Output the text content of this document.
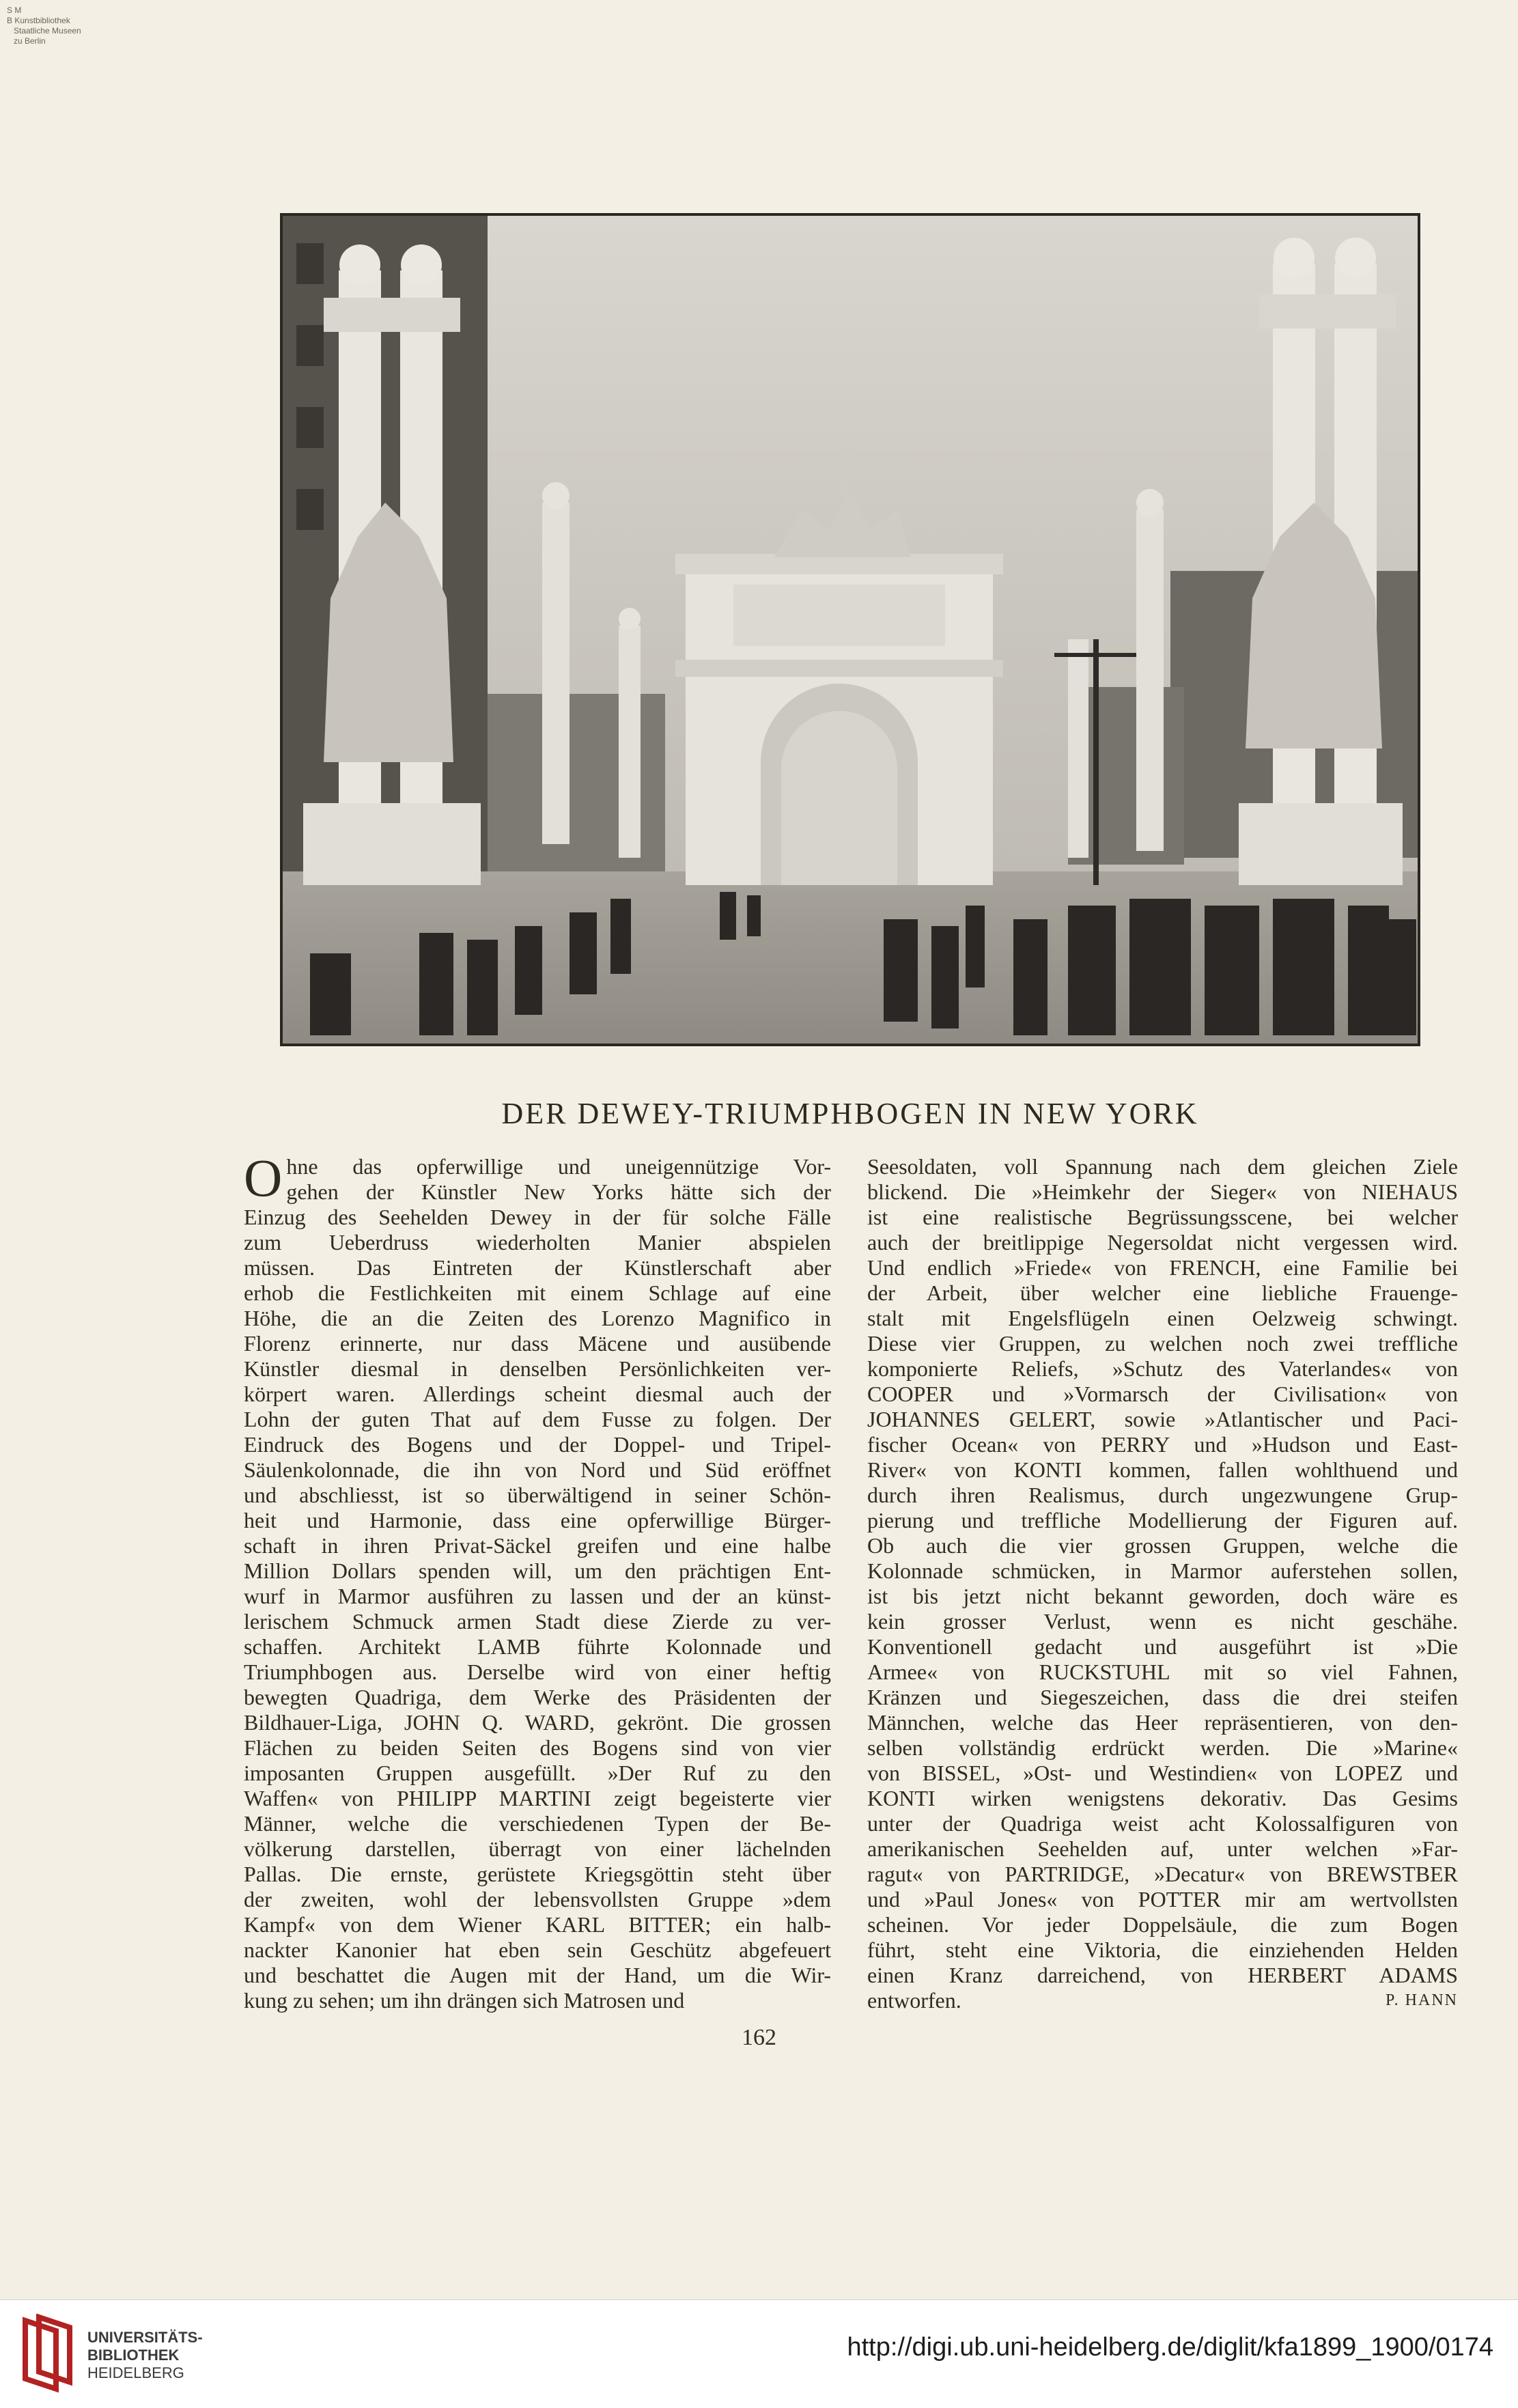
S M
B Kunstbibliothek
Staatliche Museen
zu Berlin
DER DEWEY-TRIUMPHBOGEN IN NEW YORK
O hne das opferwillige und uneigennützige Vor-
gehen der Künstler New Yorks hätte sich der
Einzug des Seehelden Dewey in der für solche Fälle
zum Ueberdruss wiederholten Manier abspielen
müssen. Das Eintreten der Künstlerschaft aber
erhob die Festlichkeiten mit einem Schlage auf eine
Höhe, die an die Zeiten des Lorenzo Magnifico in
Florenz erinnerte, nur dass Mäcene und ausübende
Künstler diesmal in denselben Persönlichkeiten ver-
körpert waren. Allerdings scheint diesmal auch der
Lohn der guten That auf dem Fusse zu folgen. Der
Eindruck des Bogens und der Doppel- und Tripel-
Säulenkolonnade, die ihn von Nord und Süd eröffnet
und abschliesst, ist so überwältigend in seiner Schön-
heit und Harmonie, dass eine opferwillige Bürger-
schaft in ihren Privat-Säckel greifen und eine halbe
Million Dollars spenden will, um den prächtigen Ent-
wurf in Marmor ausführen zu lassen und der an künst-
lerischem Schmuck armen Stadt diese Zierde zu ver-
schaffen. Architekt LAMB führte Kolonnade und
Triumphbogen aus. Derselbe wird von einer heftig
bewegten Quadriga, dem Werke des Präsidenten der
Bildhauer-Liga, JOHN Q. WARD, gekrönt. Die grossen
Flächen zu beiden Seiten des Bogens sind von vier
imposanten Gruppen ausgefüllt. »Der Ruf zu den
Waffen« von PHILIPP MARTINI zeigt begeisterte vier
Männer, welche die verschiedenen Typen der Be-
völkerung darstellen, überragt von einer lächelnden
Pallas. Die ernste, gerüstete Kriegsgöttin steht über
der zweiten, wohl der lebensvollsten Gruppe »dem
Kampf« von dem Wiener KARL BITTER; ein halb-
nackter Kanonier hat eben sein Geschütz abgefeuert
und beschattet die Augen mit der Hand, um die Wir-
kung zu sehen; um ihn drängen sich Matrosen und
Seesoldaten, voll Spannung nach dem gleichen Ziele
blickend. Die »Heimkehr der Sieger« von NIEHAUS
ist eine realistische Begrüssungsscene, bei welcher
auch der breitlippige Negersoldat nicht vergessen wird.
Und endlich »Friede« von FRENCH, eine Familie bei
der Arbeit, über welcher eine liebliche Frauenge-
stalt mit Engelsflügeln einen Oelzweig schwingt.
Diese vier Gruppen, zu welchen noch zwei treffliche
komponierte Reliefs, »Schutz des Vaterlandes« von
COOPER und »Vormarsch der Civilisation« von
JOHANNES GELERT, sowie »Atlantischer und Paci-
fischer Ocean« von PERRY und »Hudson und East-
River« von KONTI kommen, fallen wohlthuend und
durch ihren Realismus, durch ungezwungene Grup-
pierung und treffliche Modellierung der Figuren auf.
Ob auch die vier grossen Gruppen, welche die
Kolonnade schmücken, in Marmor auferstehen sollen,
ist bis jetzt nicht bekannt geworden, doch wäre es
kein grosser Verlust, wenn es nicht geschähe.
Konventionell gedacht und ausgeführt ist »Die
Armee« von RUCKSTUHL mit so viel Fahnen,
Kränzen und Siegeszeichen, dass die drei steifen
Männchen, welche das Heer repräsentieren, von den-
selben vollständig erdrückt werden. Die »Marine«
von BISSEL, »Ost- und Westindien« von LOPEZ und
KONTI wirken wenigstens dekorativ. Das Gesims
unter der Quadriga weist acht Kolossalfiguren von
amerikanischen Seehelden auf, unter welchen »Far-
ragut« von PARTRIDGE, »Decatur« von BREWSTBER
und »Paul Jones« von POTTER mir am wertvollsten
scheinen. Vor jeder Doppelsäule, die zum Bogen
führt, steht eine Viktoria, die einziehenden Helden
einen Kranz darreichend, von HERBERT ADAMS
entworfen.	P. HANN
162
UNIVERSITÄTS-
BIBLIOTHEK
HEIDELBERG
http://digi.ub.uni-heidelberg.de/diglit/kfa1899_1900/0174
